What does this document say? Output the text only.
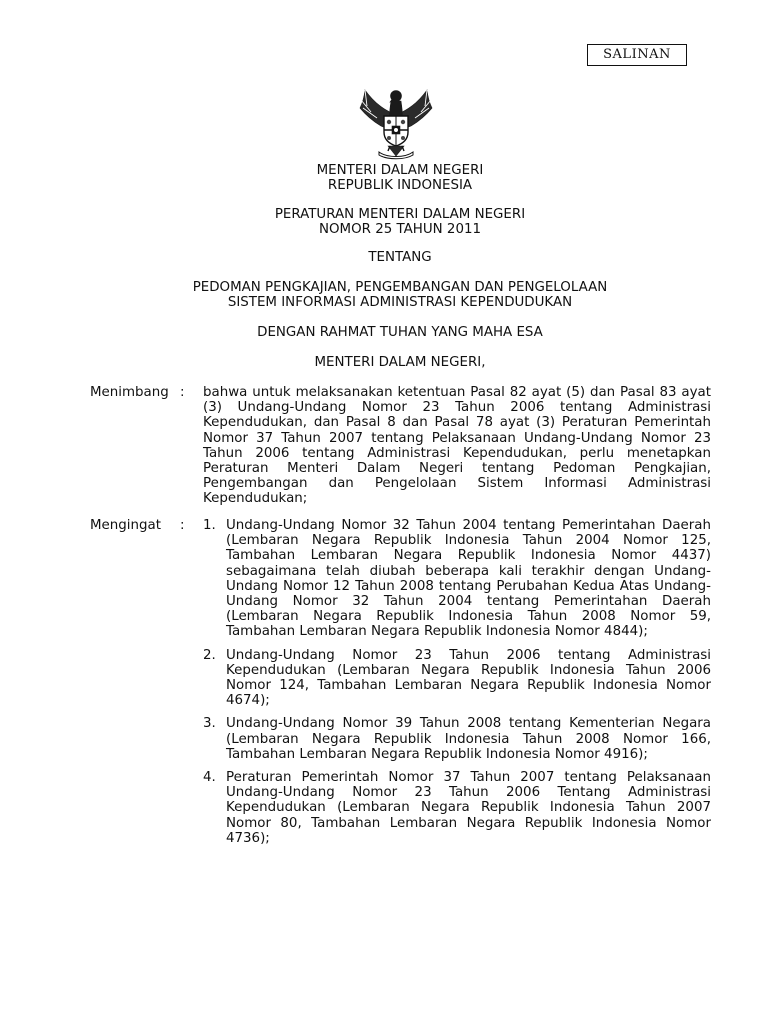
SALINAN
MENTERI DALAM NEGERI
REPUBLIK INDONESIA
PERATURAN MENTERI DALAM NEGERI
NOMOR 25 TAHUN 2011
TENTANG
PEDOMAN PENGKAJIAN, PENGEMBANGAN DAN PENGELOLAAN
SISTEM INFORMASI ADMINISTRASI KEPENDUDUKAN
DENGAN RAHMAT TUHAN YANG MAHA ESA
MENTERI DALAM NEGERI,
Menimbang : bahwa untuk melaksanakan ketentuan Pasal 82 ayat (5) dan Pasal 83 ayat (3) Undang-Undang Nomor 23 Tahun 2006 tentang Administrasi Kependudukan, dan Pasal 8 dan Pasal 78 ayat (3) Peraturan Pemerintah Nomor 37 Tahun 2007 tentang Pelaksanaan Undang-Undang Nomor 23 Tahun 2006 tentang Administrasi Kependudukan, perlu menetapkan Peraturan Menteri Dalam Negeri tentang Pedoman Pengkajian, Pengembangan dan Pengelolaan Sistem Informasi Administrasi Kependudukan;
Mengingat : 1. Undang-Undang Nomor 32 Tahun 2004 tentang Pemerintahan Daerah (Lembaran Negara Republik Indonesia Tahun 2004 Nomor 125, Tambahan Lembaran Negara Republik Indonesia Nomor 4437) sebagaimana telah diubah beberapa kali terakhir dengan Undang-Undang Nomor 12 Tahun 2008 tentang Perubahan Kedua Atas Undang-Undang Nomor 32 Tahun 2004 tentang Pemerintahan Daerah (Lembaran Negara Republik Indonesia Tahun 2008 Nomor 59, Tambahan Lembaran Negara Republik Indonesia Nomor 4844);
2. Undang-Undang Nomor 23 Tahun 2006 tentang Administrasi Kependudukan (Lembaran Negara Republik Indonesia Tahun 2006 Nomor 124, Tambahan Lembaran Negara Republik Indonesia Nomor 4674);
3. Undang-Undang Nomor 39 Tahun 2008 tentang Kementerian Negara (Lembaran Negara Republik Indonesia Tahun 2008 Nomor 166, Tambahan Lembaran Negara Republik Indonesia Nomor 4916);
4. Peraturan Pemerintah Nomor 37 Tahun 2007 tentang Pelaksanaan Undang-Undang Nomor 23 Tahun 2006 Tentang Administrasi Kependudukan (Lembaran Negara Republik Indonesia Tahun 2007 Nomor 80, Tambahan Lembaran Negara Republik Indonesia Nomor 4736);
